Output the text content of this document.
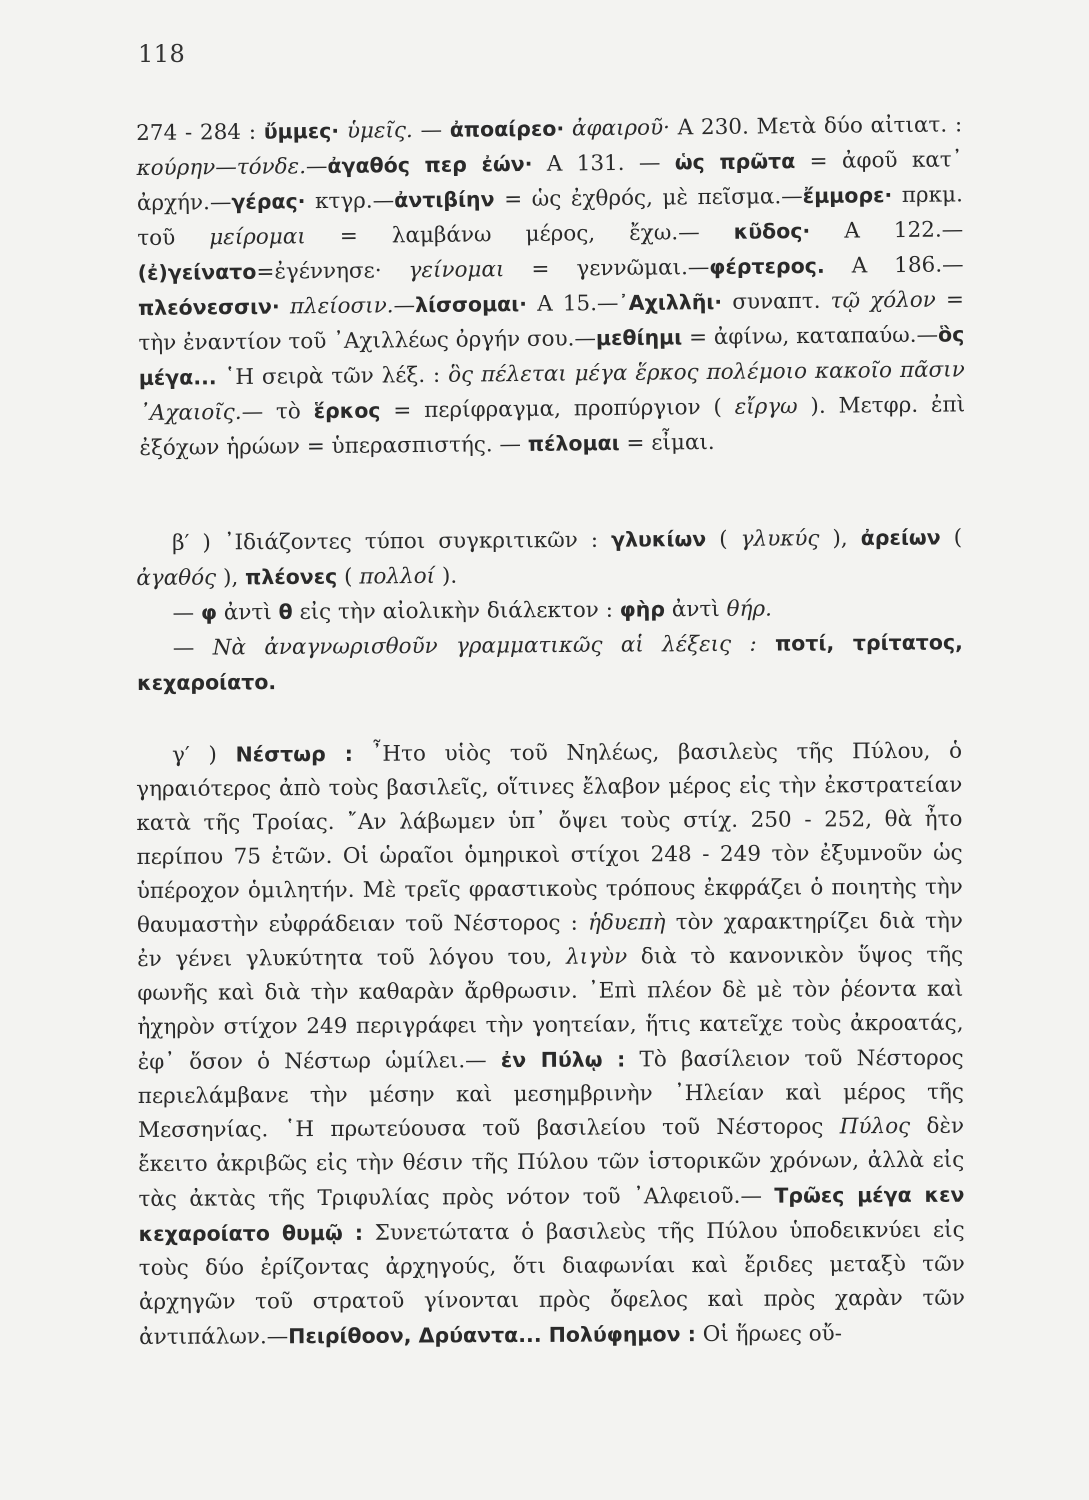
118

274 - 284 : ὔμμες· ὑμεῖς. — ἀποαίρεο· ἀφαιροῦ· Α 230. Μετὰ δύο αἰτιατ. : κούρην—τόνδε.—ἀγαθός περ ἐών· Α 131. — ὡς πρῶτα = ἀφοῦ κατ᾽ ἀρχήν.—γέρας· κτγρ.—ἀντιβίην = ὡς ἐχθρός, μὲ πεῖσμα.—ἔμμορε· πρκμ. τοῦ μείρομαι = λαμβάνω μέρος, ἔχω.— κῦδος· Α 122.—(ἐ)γείνατο=ἐγέννησε· γείνομαι = γεννῶμαι.—φέρτερος. Α 186.—πλεόνεσσιν· πλείοσιν.—λίσσομαι· Α 15.—᾿Αχιλλῆι· συναπτ. τῷ χόλον = τὴν ἐναντίον τοῦ ᾿Αχιλλέως ὀργήν σου.—μεθίημι = ἀφίνω, καταπαύω.—ὃς μέγα... ῾Η σειρὰ τῶν λέξ. : ὃς πέλεται μέγα ἕρκος πολέμοιο κακοῖο πᾶσιν ᾿Αχαιοῖς.— τὸ ἕρκος = περίφραγμα, προπύργιον ( εἴργω ). Μετφρ. ἐπὶ ἐξόχων ἡρώων = ὑπερασπιστής. — πέλομαι = εἶμαι.

β′ ) ᾿Ιδιάζοντες τύποι συγκριτικῶν : γλυκίων ( γλυκύς ), ἀρείων ( ἀγαθός ), πλέονες ( πολλοί ).

— φ ἀντὶ θ εἰς τὴν αἰολικὴν διάλεκτον : φὴρ ἀντὶ θήρ.

— Νὰ ἀναγνωρισθοῦν γραμματικῶς αἱ λέξεις : ποτί, τρίτατος, κεχαροίατο.

γ′ ) Νέστωρ : ῏Ητο υἱὸς τοῦ Νηλέως, βασιλεὺς τῆς Πύλου, ὁ γηραιότερος ἀπὸ τοὺς βασιλεῖς, οἵτινες ἔλαβον μέρος εἰς τὴν ἐκστρατείαν κατὰ τῆς Τροίας. ῎Αν λάβωμεν ὑπ᾽ ὄψει τοὺς στίχ. 250 - 252, θὰ ἦτο περίπου 75 ἐτῶν. Οἱ ὡραῖοι ὁμηρικοὶ στίχοι 248 - 249 τὸν ἐξυμνοῦν ὡς ὑπέροχον ὁμιλητήν. Μὲ τρεῖς φραστικοὺς τρόπους ἐκφράζει ὁ ποιητὴς τὴν θαυμαστὴν εὐφράδειαν τοῦ Νέστορος : ἡδυεπὴ τὸν χαρακτηρίζει διὰ τὴν ἐν γένει γλυκύτητα τοῦ λόγου του, λιγὺν διὰ τὸ κανονικὸν ὕψος τῆς φωνῆς καὶ διὰ τὴν καθαρὰν ἄρθρωσιν. ᾿Επὶ πλέον δὲ μὲ τὸν ῥέοντα καὶ ἠχηρὸν στίχον 249 περιγράφει τὴν γοητείαν, ἥτις κατεῖχε τοὺς ἀκροατάς, ἐφ᾽ ὅσον ὁ Νέστωρ ὡμίλει.— ἐν Πύλῳ : Τὸ βασίλειον τοῦ Νέστορος περιελάμβανε τὴν μέσην καὶ μεσημβρινὴν ᾿Ηλείαν καὶ μέρος τῆς Μεσσηνίας. ῾Η πρωτεύουσα τοῦ βασιλείου τοῦ Νέστορος Πύλος δὲν ἔκειτο ἀκριβῶς εἰς τὴν θέσιν τῆς Πύλου τῶν ἱστορικῶν χρόνων, ἀλλὰ εἰς τὰς ἀκτὰς τῆς Τριφυλίας πρὸς νότον τοῦ ᾿Αλφειοῦ.— Τρῶες μέγα κεν κεχαροίατο θυμῷ : Συνετώτατα ὁ βασιλεὺς τῆς Πύλου ὑποδεικνύει εἰς τοὺς δύο ἐρίζοντας ἀρχηγούς, ὅτι διαφωνίαι καὶ ἔριδες μεταξὺ τῶν ἀρχηγῶν τοῦ στρατοῦ γίνονται πρὸς ὄφελος καὶ πρὸς χαρὰν τῶν ἀντιπάλων.—Πειρίθοον, Δρύαντα... Πολύφημον : Οἱ ἥρωες οὔ-
